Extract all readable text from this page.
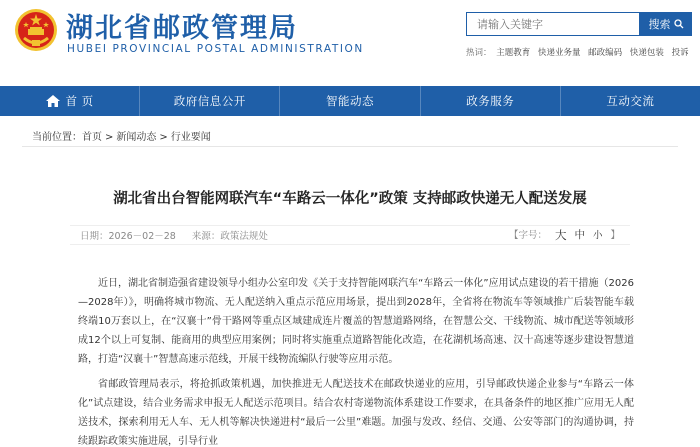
湖北省邮政管理局
HUBEI PROVINCIAL POSTAL ADMINISTRATION
请输入关键字
搜索
热词： 主题教育 快递业务量 邮政编码 快递包装 投诉
首 页	政府信息公开	智能动态	政务服务	互动交流
当前位置：首页 > 新闻动态 > 行业要闻
湖北省出台智能网联汽车“车路云一体化”政策 支持邮政快递无人配送发展
日期：2026－02－28 来源：政策法规处	【字号： 大 中 小 】

近日，湖北省制造强省建设领导小组办公室印发《关于支持智能网联汽车“车路云一体化”应用试点建设的若干措施（2026—2028年）》，明确将城市物流、无人配送纳入重点示范应用场景，提出到2028年，全省将在物流车等领域推广后装智能车载终端10万套以上，在“汉襄十”骨干路网等重点区域建成连片覆盖的智慧道路网络，在智慧公交、干线物流、城市配送等领域形成12个以上可复制、能商用的典型应用案例；同时将实施重点道路智能化改造，在花湖机场高速、汉十高速等逐步建设智慧道路，打造“汉襄十”智慧高速示范线，开展干线物流编队行驶等应用示范。

省邮政管理局表示，将抢抓政策机遇，加快推进无人配送技术在邮政快递业的应用，引导邮政快递企业参与“车路云一体化”试点建设，结合业务需求申报无人配送示范项目。结合农村寄递物流体系建设工作要求，在具备条件的地区推广应用无人配送技术，探索利用无人车、无人机等解决快递进村“最后一公里”难题。加强与发改、经信、交通、公安等部门的沟通协调，持续跟踪政策实施进展，引导行业
